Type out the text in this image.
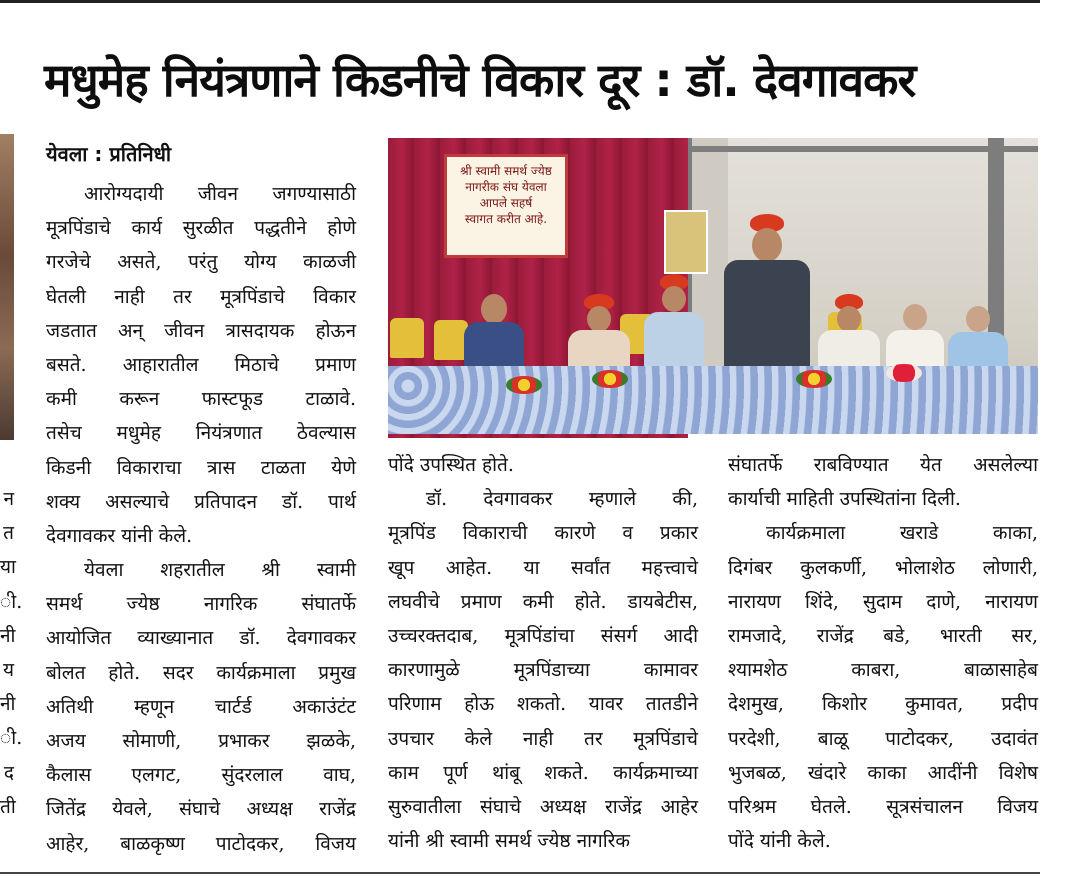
न
त
या
ी.
नी
य
नी
ी.
द
ती
मधुमेह नियंत्रणाने किडनीचे विकार दूर : डॉ. देवगावकर
येवला : प्रतिनिधी
आरोग्यदायी जीवन जगण्यासाठी
मूत्रपिंडाचे कार्य सुरळीत पद्धतीने होणे
गरजेचे असते, परंतु योग्य काळजी
घेतली नाही तर मूत्रपिंडाचे विकार
जडतात अन् जीवन त्रासदायक होऊन
बसते. आहारातील मिठाचे प्रमाण
कमी करून फास्टफूड टाळावे.
तसेच मधुमेह नियंत्रणात ठेवल्यास
किडनी विकाराचा त्रास टाळता येणे
शक्य असल्याचे प्रतिपादन डॉ. पार्थ
देवगावकर यांनी केले.
येवला शहरातील श्री स्वामी
समर्थ ज्येष्ठ नागरिक संघातर्फे
आयोजित व्याख्यानात डॉ. देवगावकर
बोलत होते. सदर कार्यक्रमाला प्रमुख
अतिथी म्हणून चार्टर्ड अकाउंटंट
अजय सोमाणी, प्रभाकर झळके,
कैलास एलगट, सुंदरलाल वाघ,
जितेंद्र येवले, संघाचे अध्यक्ष राजेंद्र
आहेर, बाळकृष्ण पाटोदकर, विजय
पोंदे उपस्थित होते.
डॉ. देवगावकर म्हणाले की,
मूत्रपिंड विकाराची कारणे व प्रकार
खूप आहेत. या सर्वांत महत्त्वाचे
लघवीचे प्रमाण कमी होते. डायबेटीस,
उच्चरक्तदाब, मूत्रपिंडांचा संसर्ग आदी
कारणामुळे मूत्रपिंडाच्या कामावर
परिणाम होऊ शकतो. यावर तातडीने
उपचार केले नाही तर मूत्रपिंडाचे
काम पूर्ण थांबू शकते. कार्यक्रमाच्या
सुरुवातीला संघाचे अध्यक्ष राजेंद्र आहेर
यांनी श्री स्वामी समर्थ ज्येष्ठ नागरिक
संघातर्फे राबविण्यात येत असलेल्या
कार्याची माहिती उपस्थितांना दिली.
कार्यक्रमाला खराडे काका,
दिगंबर कुलकर्णी, भोलाशेठ लोणारी,
नारायण शिंदे, सुदाम दाणे, नारायण
रामजादे, राजेंद्र बडे, भारती सर,
श्यामशेठ काबरा, बाळासाहेब
देशमुख, किशोर कुमावत, प्रदीप
परदेशी, बाळू पाटोदकर, उदावंत
भुजबळ, खंदारे काका आदींनी विशेष
परिश्रम घेतले. सूत्रसंचालन विजय
पोंदे यांनी केले.
श्री स्वामी समर्थ ज्येष्ठ
नागरीक संघ येवला
आपले सहर्ष
स्वागत करीत आहे.
